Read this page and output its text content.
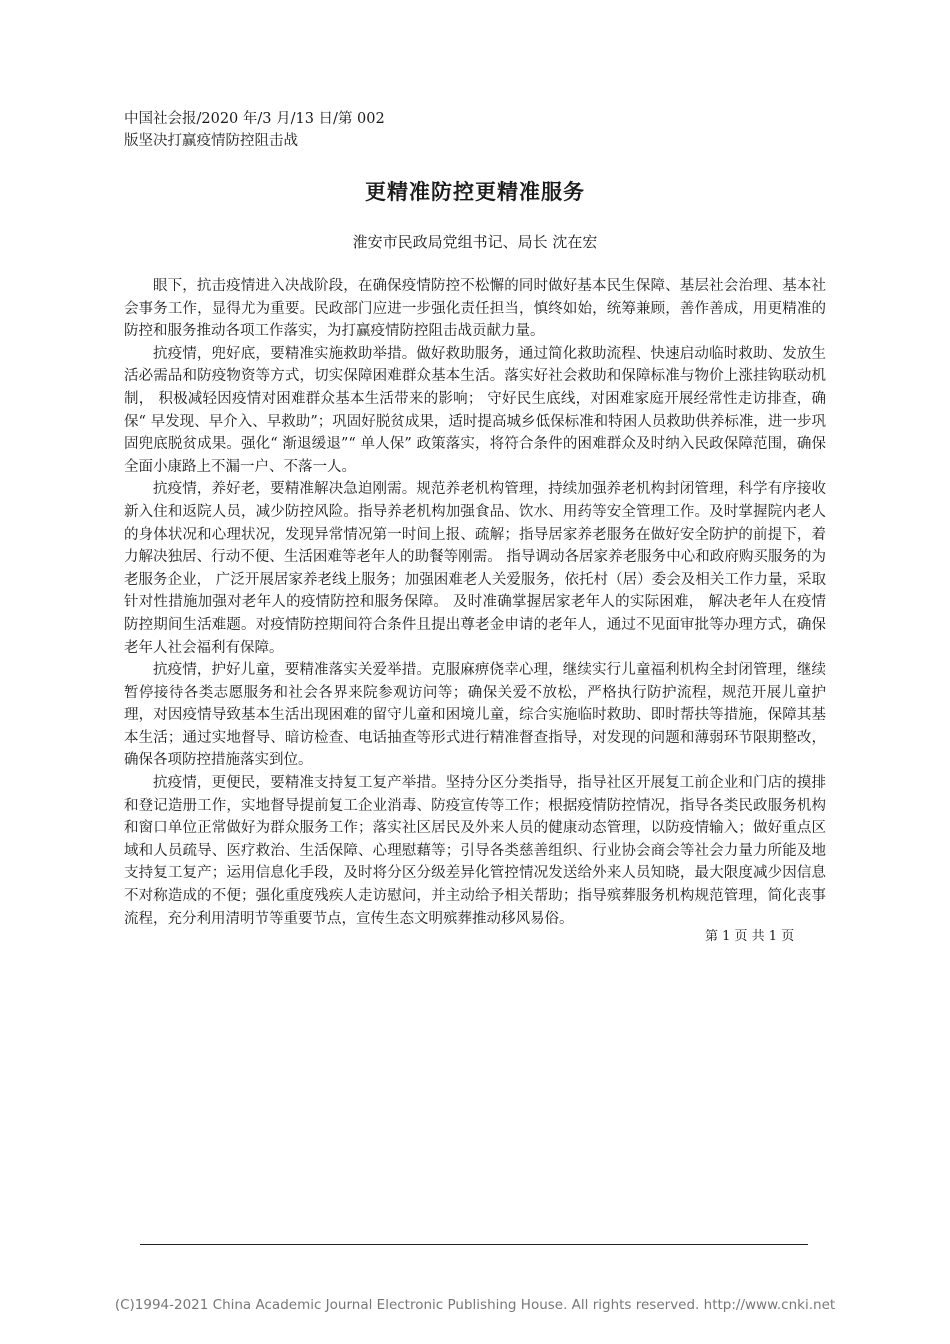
中国社会报/2020 年/3 月/13 日/第 002
版坚决打赢疫情防控阻击战
更精准防控更精准服务
淮安市民政局党组书记、局长 沈在宏

眼下，抗击疫情进入决战阶段，在确保疫情防控不松懈的同时做好基本民生保障、基层社会治理、基本社会事务工作，显得尤为重要。民政部门应进一步强化责任担当，慎终如始，统筹兼顾，善作善成，用更精准的防控和服务推动各项工作落实，为打赢疫情防控阻击战贡献力量。

抗疫情，兜好底，要精准实施救助举措。做好救助服务，通过简化救助流程、快速启动临时救助、发放生活必需品和防疫物资等方式，切实保障困难群众基本生活。落实好社会救助和保障标准与物价上涨挂钩联动机制， 积极减轻因疫情对困难群众基本生活带来的影响； 守好民生底线，对困难家庭开展经常性走访排查，确保“ 早发现、早介入、早救助”；巩固好脱贫成果，适时提高城乡低保标准和特困人员救助供养标准，进一步巩固兜底脱贫成果。强化“ 渐退缓退”“ 单人保” 政策落实，将符合条件的困难群众及时纳入民政保障范围，确保全面小康路上不漏一户、不落一人。

抗疫情，养好老，要精准解决急迫刚需。规范养老机构管理，持续加强养老机构封闭管理，科学有序接收新入住和返院人员，减少防控风险。指导养老机构加强食品、饮水、用药等安全管理工作。及时掌握院内老人的身体状况和心理状况，发现异常情况第一时间上报、疏解；指导居家养老服务在做好安全防护的前提下，着力解决独居、行动不便、生活困难等老年人的助餐等刚需。 指导调动各居家养老服务中心和政府购买服务的为老服务企业， 广泛开展居家养老线上服务；加强困难老人关爱服务，依托村（居）委会及相关工作力量，采取针对性措施加强对老年人的疫情防控和服务保障。 及时准确掌握居家老年人的实际困难， 解决老年人在疫情防控期间生活难题。对疫情防控期间符合条件且提出尊老金申请的老年人，通过不见面审批等办理方式，确保老年人社会福利有保障。

抗疫情，护好儿童，要精准落实关爱举措。克服麻痹侥幸心理，继续实行儿童福利机构全封闭管理，继续暂停接待各类志愿服务和社会各界来院参观访问等；确保关爱不放松，严格执行防护流程，规范开展儿童护理，对因疫情导致基本生活出现困难的留守儿童和困境儿童，综合实施临时救助、即时帮扶等措施，保障其基本生活；通过实地督导、暗访检查、电话抽查等形式进行精准督查指导，对发现的问题和薄弱环节限期整改，确保各项防控措施落实到位。

抗疫情，更便民，要精准支持复工复产举措。坚持分区分类指导，指导社区开展复工前企业和门店的摸排和登记造册工作，实地督导提前复工企业消毒、防疫宣传等工作；根据疫情防控情况，指导各类民政服务机构和窗口单位正常做好为群众服务工作；落实社区居民及外来人员的健康动态管理，以防疫情输入；做好重点区域和人员疏导、医疗救治、生活保障、心理慰藉等；引导各类慈善组织、行业协会商会等社会力量力所能及地支持复工复产；运用信息化手段，及时将分区分级差异化管控情况发送给外来人员知晓，最大限度减少因信息不对称造成的不便；强化重度残疾人走访慰问，并主动给予相关帮助；指导殡葬服务机构规范管理，简化丧事流程，充分利用清明节等重要节点，宣传生态文明殡葬推动移风易俗。

第 1 页 共 1 页
(C)1994-2021 China Academic Journal Electronic Publishing House. All rights reserved. http://www.cnki.net
